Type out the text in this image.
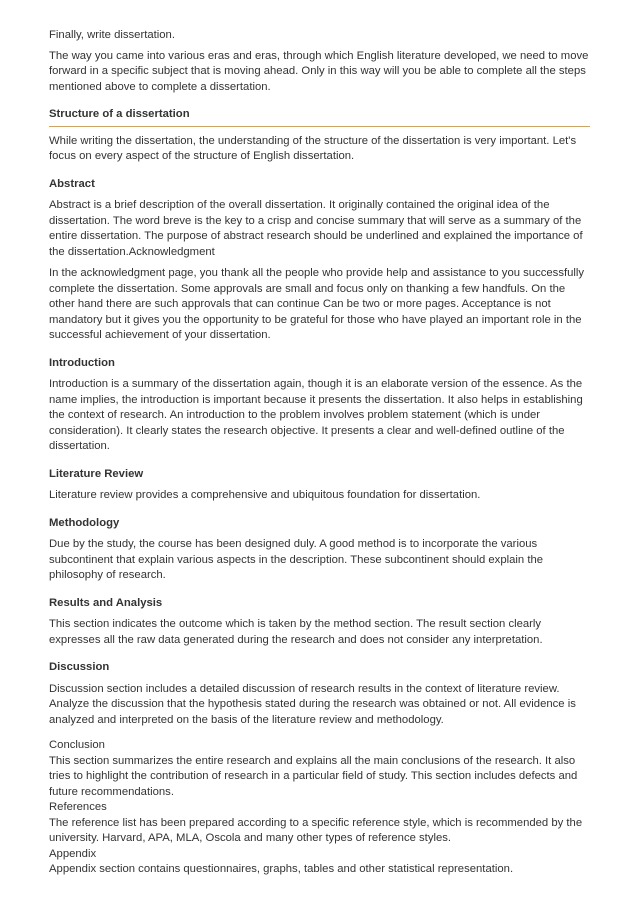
Finally, write dissertation.

The way you came into various eras and eras, through which English literature developed, we need to move forward in a specific subject that is moving ahead. Only in this way will you be able to complete all the steps mentioned above to complete a dissertation.

Structure of a dissertation

While writing the dissertation, the understanding of the structure of the dissertation is very important. Let's focus on every aspect of the structure of English dissertation.

Abstract

Abstract is a brief description of the overall dissertation. It originally contained the original idea of the dissertation. The word breve is the key to a crisp and concise summary that will serve as a summary of the entire dissertation. The purpose of abstract research should be underlined and explained the importance of the dissertation.Acknowledgment

In the acknowledgment page, you thank all the people who provide help and assistance to you successfully complete the dissertation. Some approvals are small and focus only on thanking a few handfuls. On the other hand there are such approvals that can continue Can be two or more pages. Acceptance is not mandatory but it gives you the opportunity to be grateful for those who have played an important role in the successful achievement of your dissertation.

Introduction

Introduction is a summary of the dissertation again, though it is an elaborate version of the essence. As the name implies, the introduction is important because it presents the dissertation. It also helps in establishing the context of research. An introduction to the problem involves problem statement (which is under consideration). It clearly states the research objective. It presents a clear and well-defined outline of the dissertation.

Literature Review

Literature review provides a comprehensive and ubiquitous foundation for dissertation.

Methodology

Due by the study, the course has been designed duly. A good method is to incorporate the various subcontinent that explain various aspects in the description. These subcontinent should explain the philosophy of research.

Results and Analysis

This section indicates the outcome which is taken by the method section. The result section clearly expresses all the raw data generated during the research and does not consider any interpretation.

Discussion

Discussion section includes a detailed discussion of research results in the context of literature review. Analyze the discussion that the hypothesis stated during the research was obtained or not. All evidence is analyzed and interpreted on the basis of the literature review and methodology.

Conclusion
This section summarizes the entire research and explains all the main conclusions of the research. It also tries to highlight the contribution of research in a particular field of study. This section includes defects and future recommendations.
References
The reference list has been prepared according to a specific reference style, which is recommended by the university. Harvard, APA, MLA, Oscola and many other types of reference styles.
Appendix
Appendix section contains questionnaires, graphs, tables and other statistical representation.
